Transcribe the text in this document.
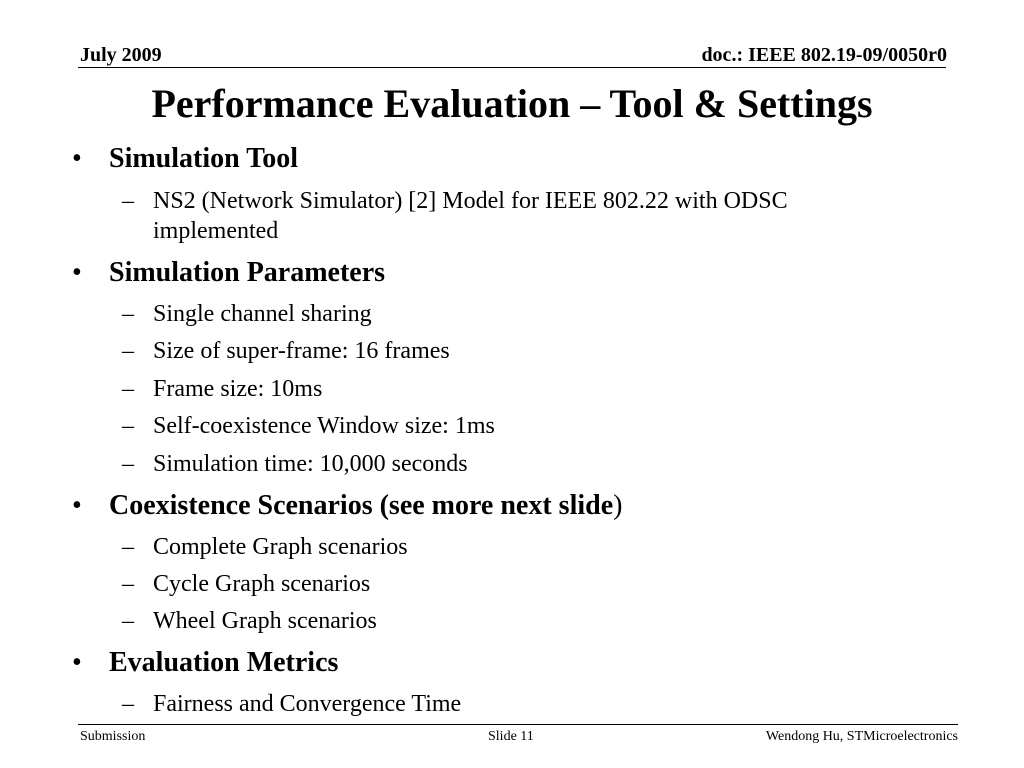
July 2009	doc.: IEEE 802.19-09/0050r0
Performance Evaluation – Tool & Settings
• Simulation Tool
– NS2 (Network Simulator) [2] Model for IEEE 802.22 with ODSC
implemented
• Simulation Parameters
– Single channel sharing
– Size of super-frame: 16 frames
– Frame size: 10ms
– Self-coexistence Window size: 1ms
– Simulation time: 10,000 seconds
• Coexistence Scenarios (see more next slide)
– Complete Graph scenarios
– Cycle Graph scenarios
– Wheel Graph scenarios
• Evaluation Metrics
– Fairness and Convergence Time
Submission	Slide 11	Wendong Hu, STMicroelectronics
